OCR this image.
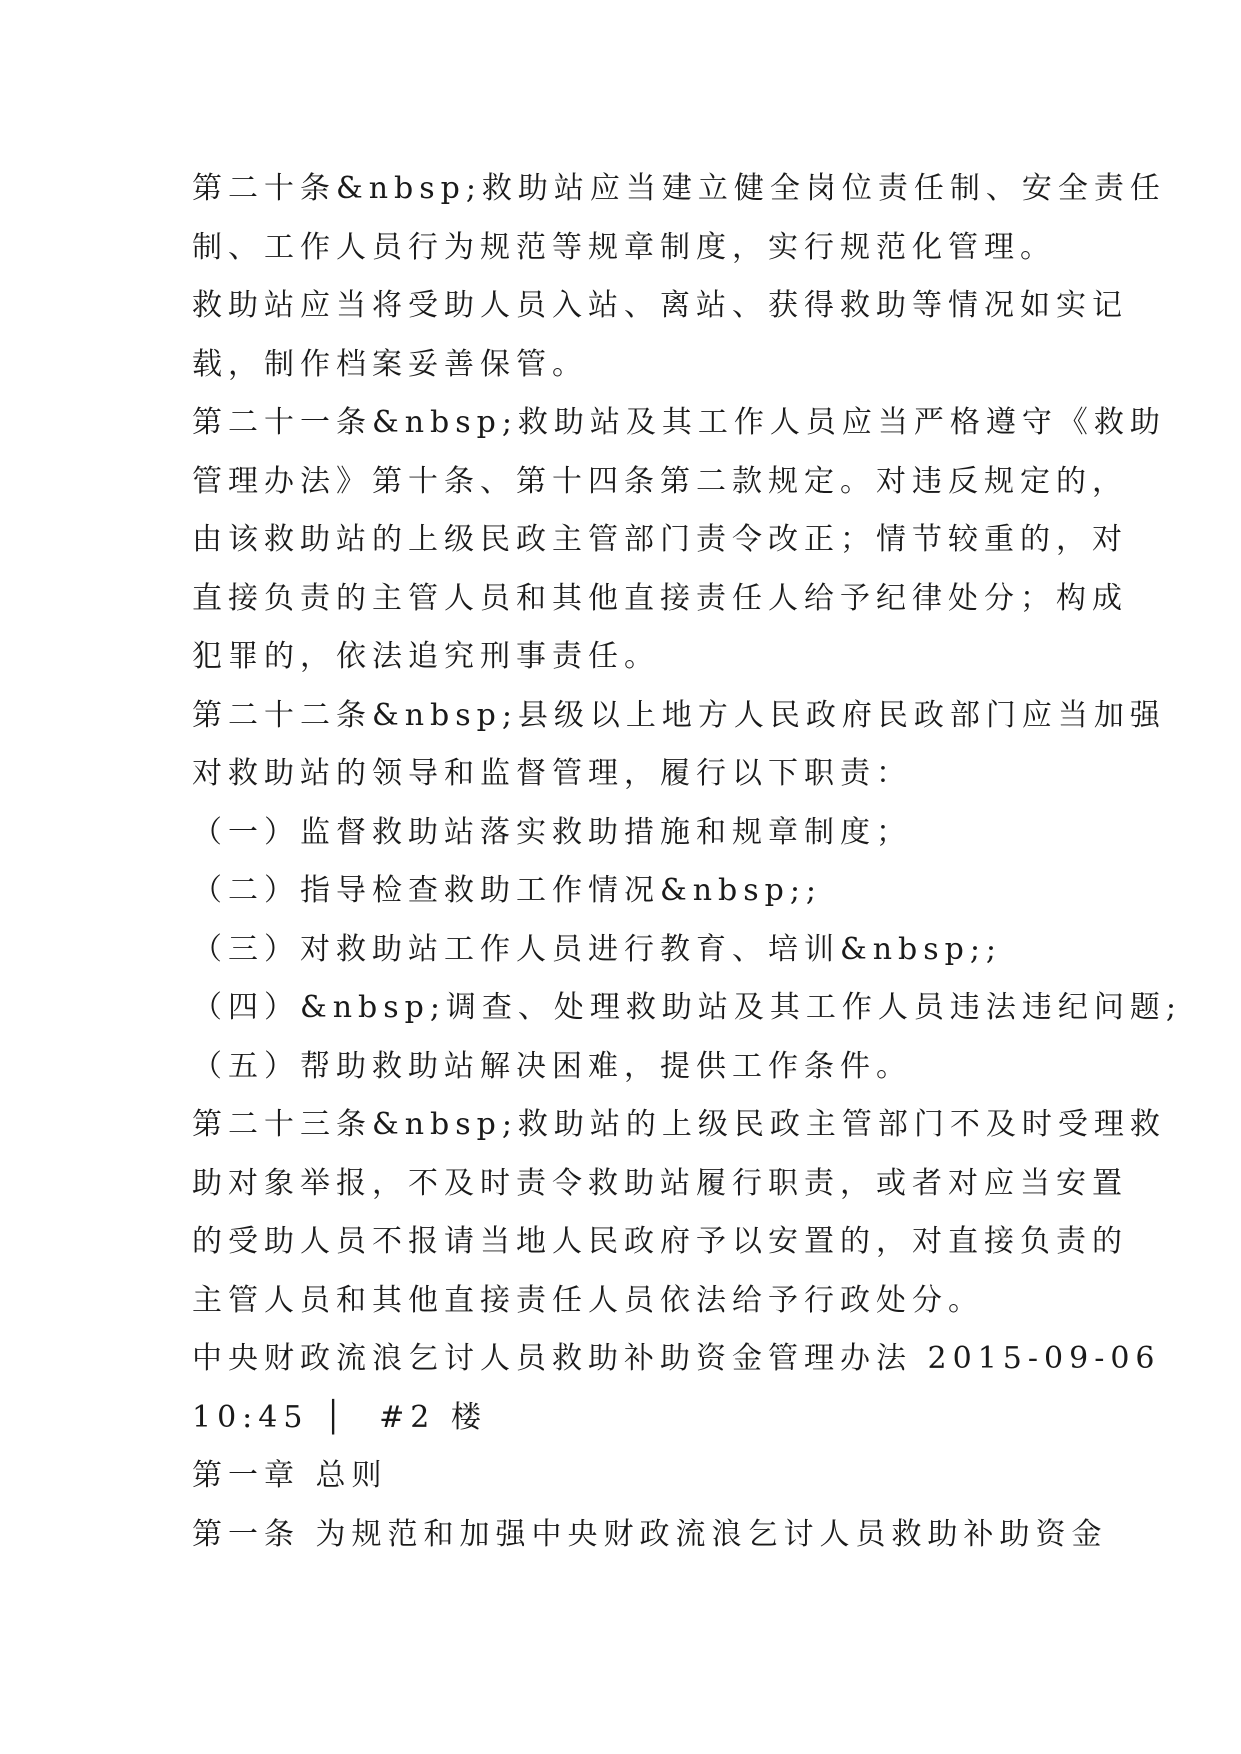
第二十条&nbsp;救助站应当建立健全岗位责任制、安全责任
制、工作人员行为规范等规章制度，实行规范化管理。
救助站应当将受助人员入站、离站、获得救助等情况如实记
载，制作档案妥善保管。
第二十一条&nbsp;救助站及其工作人员应当严格遵守《救助
管理办法》第十条、第十四条第二款规定。对违反规定的，
由该救助站的上级民政主管部门责令改正；情节较重的，对
直接负责的主管人员和其他直接责任人给予纪律处分；构成
犯罪的，依法追究刑事责任。
第二十二条&nbsp;县级以上地方人民政府民政部门应当加强
对救助站的领导和监督管理，履行以下职责：
（一）监督救助站落实救助措施和规章制度；
（二）指导检查救助工作情况&nbsp;;
（三）对救助站工作人员进行教育、培训&nbsp;;
（四）&nbsp;调查、处理救助站及其工作人员违法违纪问题;
（五）帮助救助站解决困难，提供工作条件。
第二十三条&nbsp;救助站的上级民政主管部门不及时受理救
助对象举报，不及时责令救助站履行职责，或者对应当安置
的受助人员不报请当地人民政府予以安置的，对直接负责的
主管人员和其他直接责任人员依法给予行政处分。
中央财政流浪乞讨人员救助补助资金管理办法 2015-09-06
10:45 │  #2 楼
第一章 总则
第一条 为规范和加强中央财政流浪乞讨人员救助补助资金
